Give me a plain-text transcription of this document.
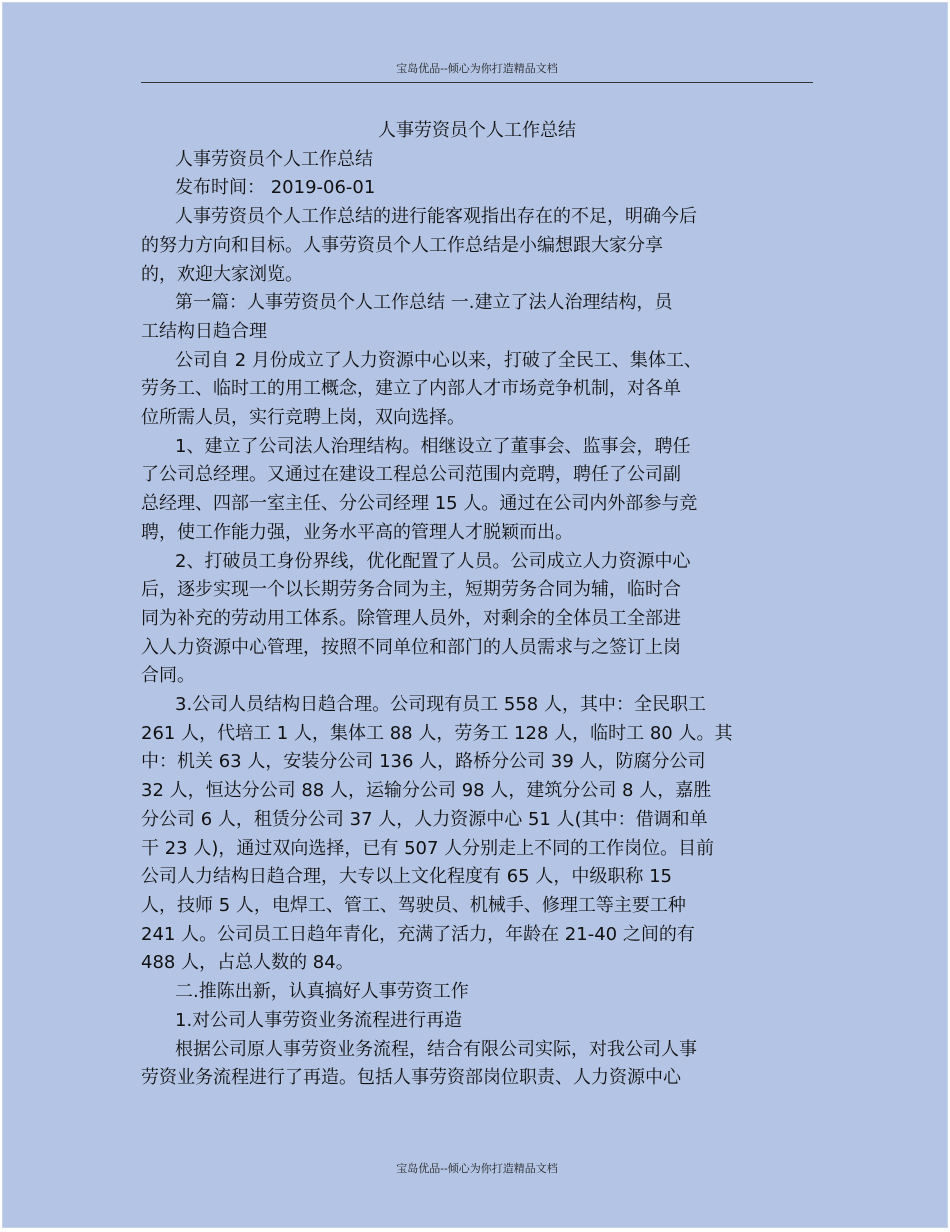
宝岛优品--倾心为你打造精品文档

人事劳资员个人工作总结

人事劳资员个人工作总结

发布时间： 2019-06-01

人事劳资员个人工作总结的进行能客观指出存在的不足，明确今后

的努力方向和目标。人事劳资员个人工作总结是小编想跟大家分享

的，欢迎大家浏览。

第一篇：人事劳资员个人工作总结 一.建立了法人治理结构，员

工结构日趋合理

公司自 2 月份成立了人力资源中心以来，打破了全民工、集体工、

劳务工、临时工的用工概念，建立了内部人才市场竞争机制，对各单

位所需人员，实行竞聘上岗，双向选择。

1、建立了公司法人治理结构。相继设立了董事会、监事会，聘任

了公司总经理。又通过在建设工程总公司范围内竞聘，聘任了公司副

总经理、四部一室主任、分公司经理 15 人。通过在公司内外部参与竞

聘，使工作能力强，业务水平高的管理人才脱颖而出。

2、打破员工身份界线，优化配置了人员。公司成立人力资源中心

后，逐步实现一个以长期劳务合同为主，短期劳务合同为辅，临时合

同为补充的劳动用工体系。除管理人员外，对剩余的全体员工全部进

入人力资源中心管理，按照不同单位和部门的人员需求与之签订上岗

合同。

3.公司人员结构日趋合理。公司现有员工 558 人，其中：全民职工

261 人，代培工 1 人，集体工 88 人，劳务工 128 人，临时工 80 人。其

中：机关 63 人，安装分公司 136 人，路桥分公司 39 人，防腐分公司

32 人，恒达分公司 88 人，运输分公司 98 人，建筑分公司 8 人，嘉胜

分公司 6 人，租赁分公司 37 人，人力资源中心 51 人(其中：借调和单

干 23 人)，通过双向选择，已有 507 人分别走上不同的工作岗位。目前

公司人力结构日趋合理，大专以上文化程度有 65 人，中级职称 15

人，技师 5 人，电焊工、管工、驾驶员、机械手、修理工等主要工种

241 人。公司员工日趋年青化，充满了活力，年龄在 21-40 之间的有

488 人，占总人数的 84。

二.推陈出新，认真搞好人事劳资工作

1.对公司人事劳资业务流程进行再造

根据公司原人事劳资业务流程，结合有限公司实际，对我公司人事

劳资业务流程进行了再造。包括人事劳资部岗位职责、人力资源中心

宝岛优品--倾心为你打造精品文档
